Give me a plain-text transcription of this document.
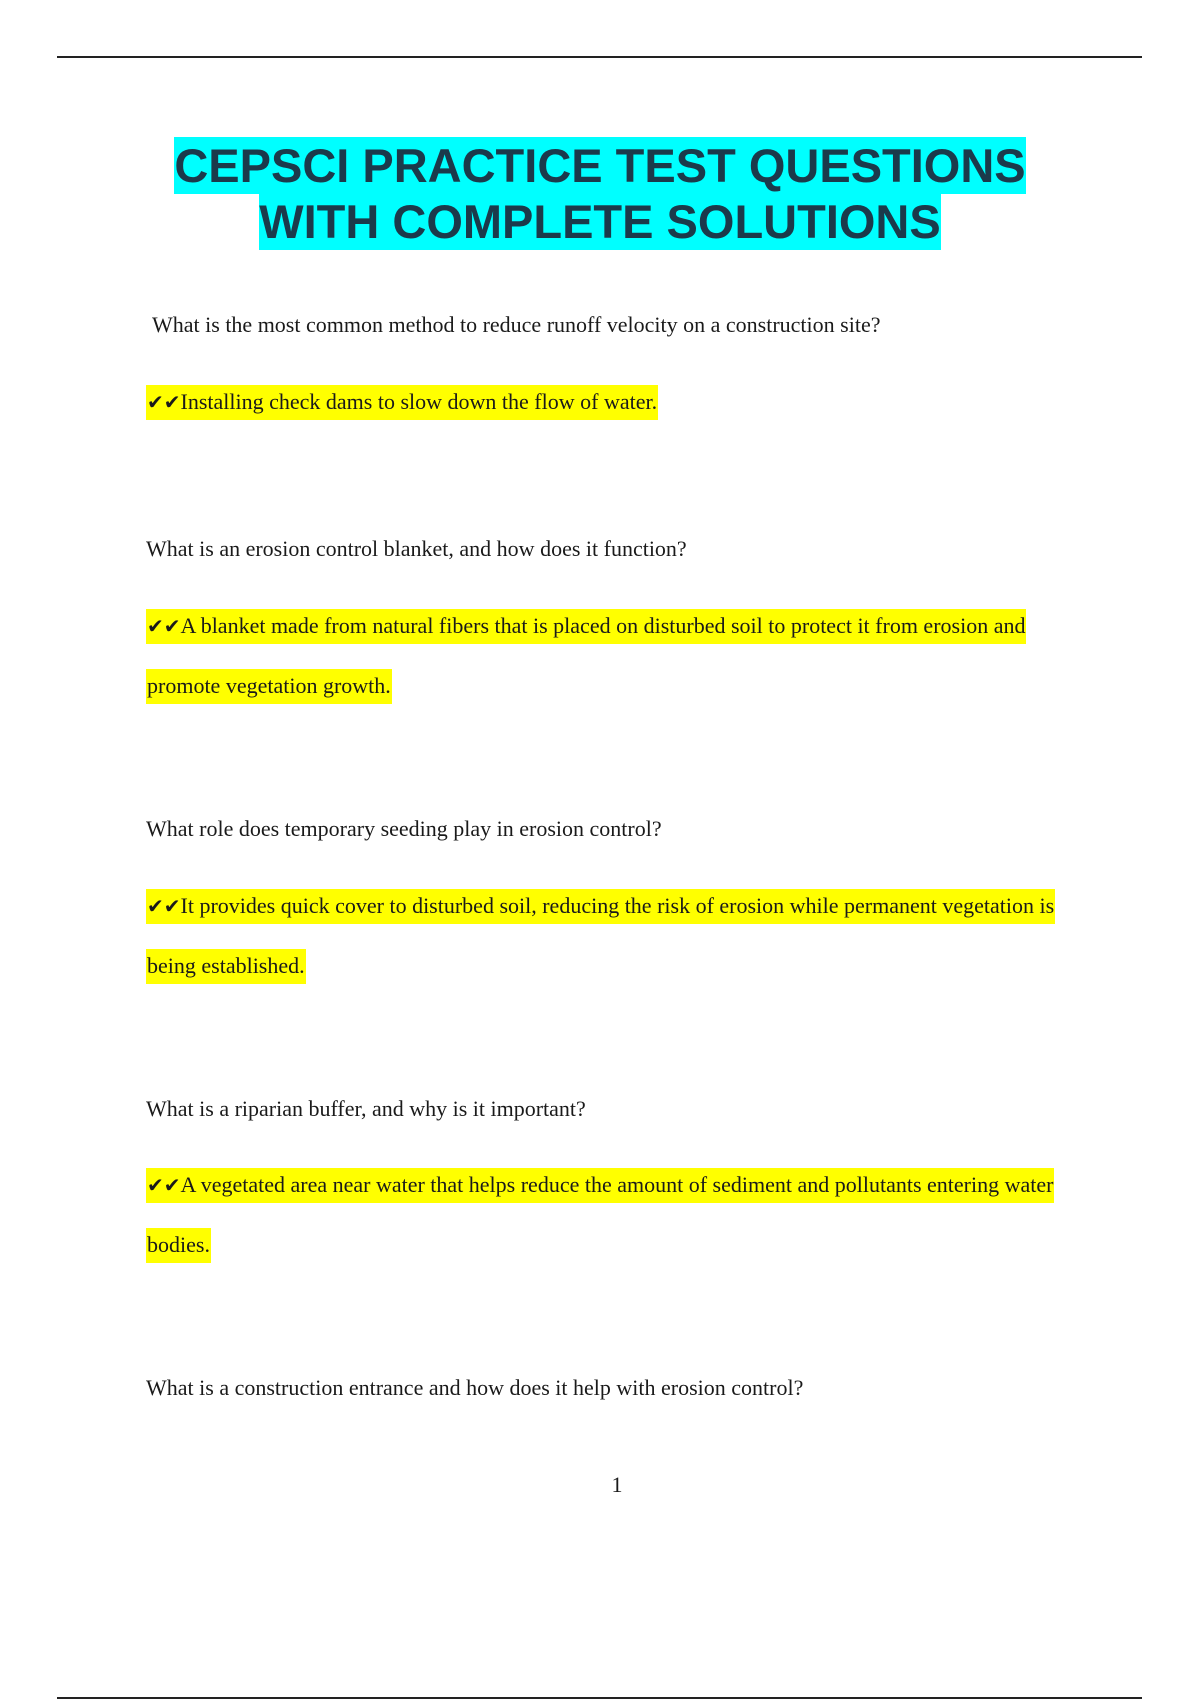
CEPSCI PRACTICE TEST QUESTIONS
WITH COMPLETE SOLUTIONS
What is the most common method to reduce runoff velocity on a construction site?
✔✔Installing check dams to slow down the flow of water.
What is an erosion control blanket, and how does it function?
✔✔A blanket made from natural fibers that is placed on disturbed soil to protect it from erosion and promote vegetation growth.
What role does temporary seeding play in erosion control?
✔✔It provides quick cover to disturbed soil, reducing the risk of erosion while permanent vegetation is being established.
What is a riparian buffer, and why is it important?
✔✔A vegetated area near water that helps reduce the amount of sediment and pollutants entering water bodies.
What is a construction entrance and how does it help with erosion control?
1
